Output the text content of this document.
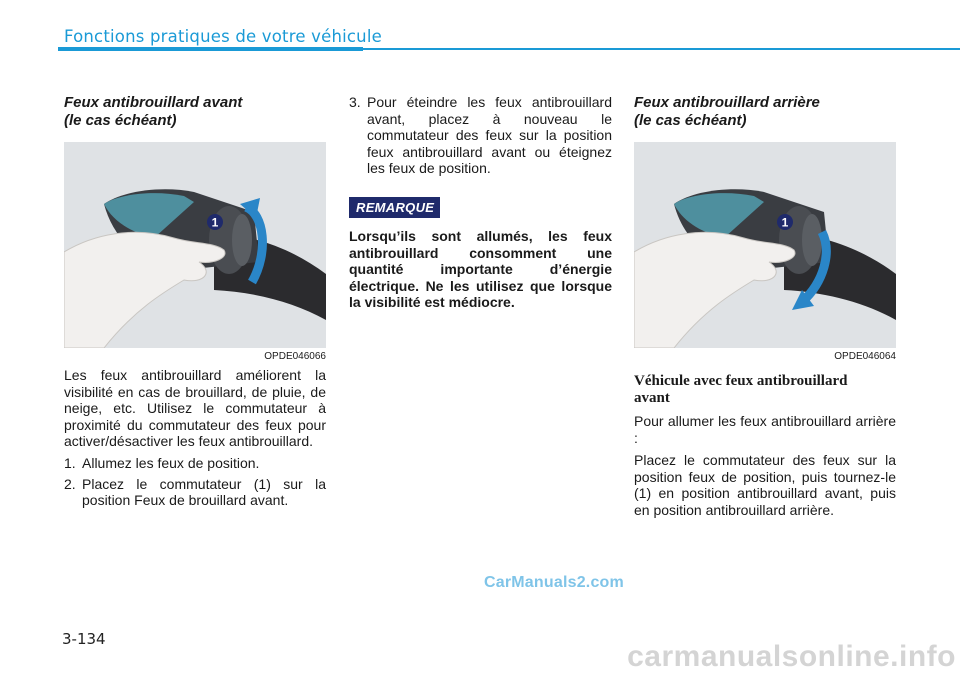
Fonctions pratiques de votre véhicule
Feux antibrouillard avant
(le cas échéant)
1
OPDE046066

Les feux antibrouillard améliorent la visibilité en cas de brouillard, de pluie, de neige, etc. Utilisez le commutateur à proximité du commutateur des feux pour activer/désactiver les feux antibrouillard.

1. Allumez les feux de position.
2. Placez le commutateur (1) sur la position Feux de brouillard avant.
3. Pour éteindre les feux antibrouillard avant, placez à nouveau le commutateur des feux sur la position feux antibrouillard avant ou éteignez les feux de position.
REMARQUE

Lorsqu’ils sont allumés, les feux antibrouillard consomment une quantité importante d’énergie électrique. Ne les utilisez que lorsque la visibilité est médiocre.

Feux antibrouillard arrière
(le cas échéant)
1
OPDE046064
Véhicule avec feux antibrouillard
avant

Pour allumer les feux antibrouillard arrière :

Placez le commutateur des feux sur la position feux de position, puis tournez-le (1) en position antibrouillard avant, puis en position antibrouillard arrière.

CarManuals2.com
3-134
carmanualsonline.info
